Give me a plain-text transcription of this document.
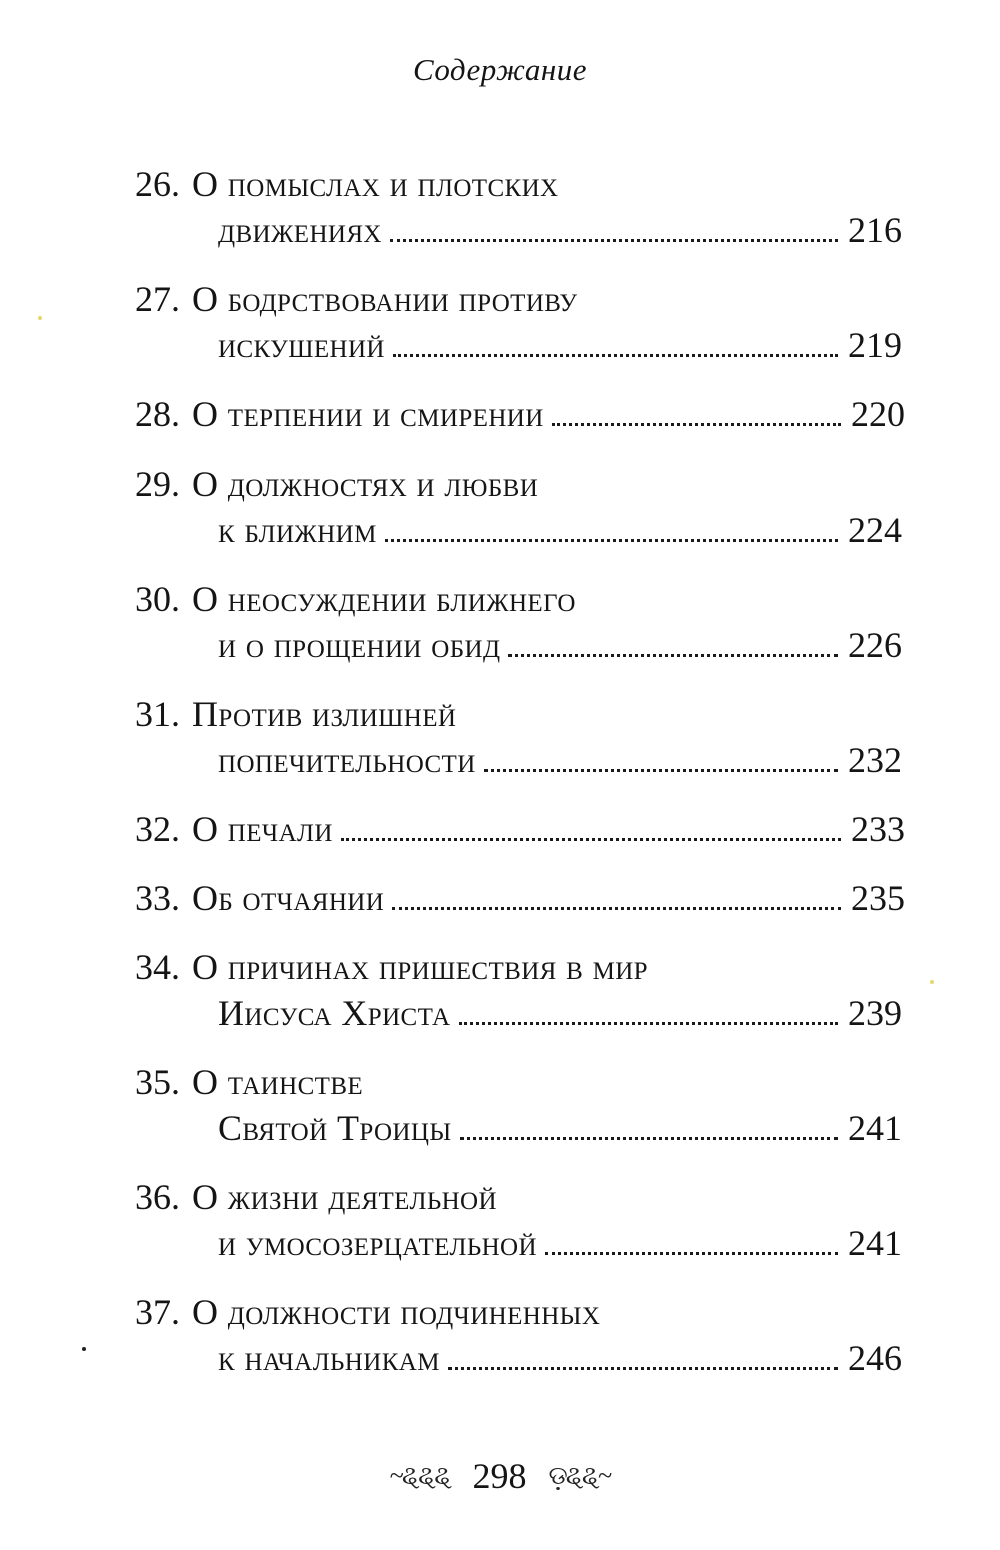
Содержание
26. О помыслах и плотских
движениях	216
27. О бодрствовании противу
искушений	219
28. О терпении и смирении	220
29. О должностях и любви
к ближним	224
30. О неосуждении ближнего
и о прощении обид	226
31. Против излишней
попечительности	232
32. О печали	233
33. Об отчаянии	235
34. О причинах пришествия в мир
Иисуса Христа	239
35. О таинстве
Святой Троицы	241
36. О жизни деятельной
и умосозерцательной	241
37. О должности подчиненных
к начальникам	246
~ୡୡୡ 298 ଡ଼ୡୡ~
